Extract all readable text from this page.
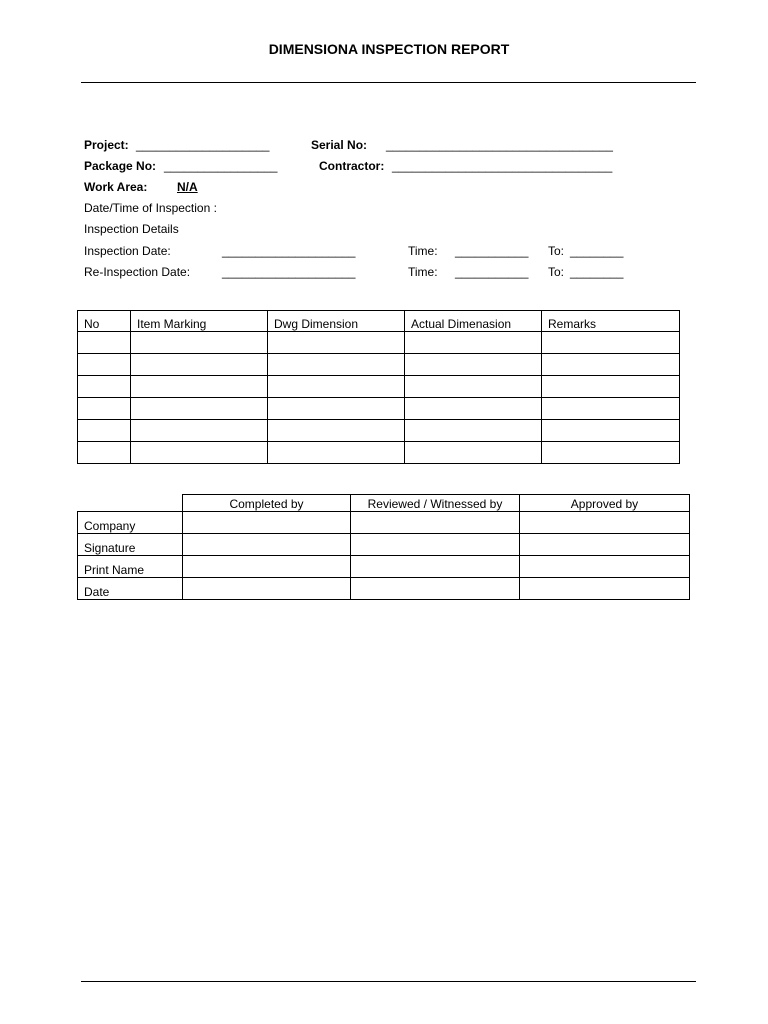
DIMENSIONA INSPECTION REPORT
Project: ____________________	Serial No: __________________________________
Package No: _________________	Contractor: _________________________________
Work Area: N/A
Date/Time of Inspection :
Inspection Details
Inspection Date:	____________________	Time: ___________ To: ________
Re-Inspection Date:	____________________	Time: ___________ To: ________
No	Item Marking	Dwg Dimension	Actual Dimenasion	Remarks

	Completed by	Reviewed / Witnessed by	Approved by
Company			
Signature			
Print Name			
Date			
